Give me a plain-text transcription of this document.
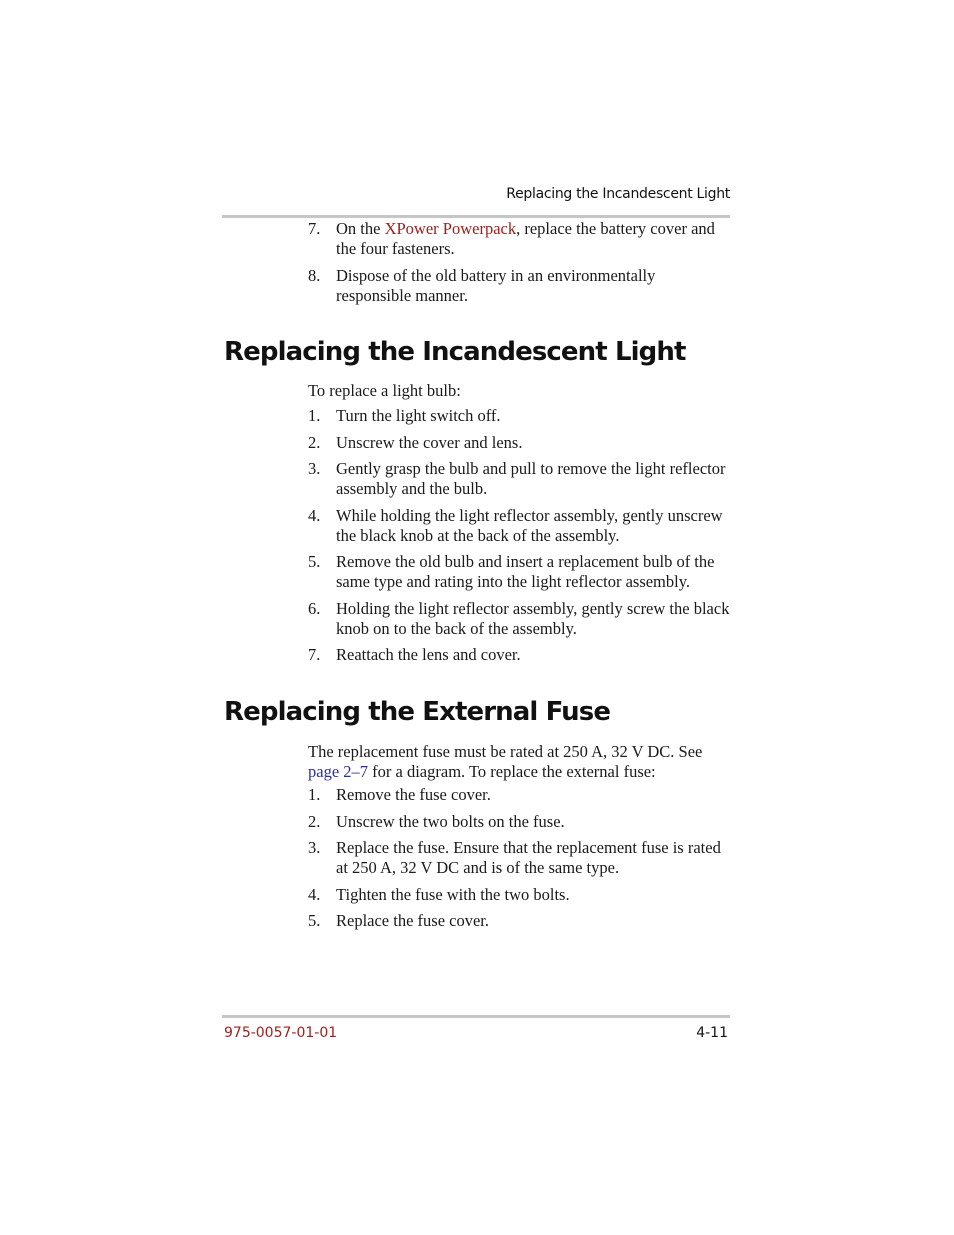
Replacing the Incandescent Light
7. On the XPower Powerpack, replace the battery cover and the four fasteners.
8. Dispose of the old battery in an environmentally responsible manner.
Replacing the Incandescent Light

To replace a light bulb:

1. Turn the light switch off.
2. Unscrew the cover and lens.
3. Gently grasp the bulb and pull to remove the light reflector assembly and the bulb.
4. While holding the light reflector assembly, gently unscrew the black knob at the back of the assembly.
5. Remove the old bulb and insert a replacement bulb of the same type and rating into the light reflector assembly.
6. Holding the light reflector assembly, gently screw the black knob on to the back of the assembly.
7. Reattach the lens and cover.
Replacing the External Fuse

The replacement fuse must be rated at 250 A, 32 V DC. See page 2–7 for a diagram. To replace the external fuse:

1. Remove the fuse cover.
2. Unscrew the two bolts on the fuse.
3. Replace the fuse. Ensure that the replacement fuse is rated at 250 A, 32 V DC and is of the same type.
4. Tighten the fuse with the two bolts.
5. Replace the fuse cover.
975-0057-01-01	4-11
